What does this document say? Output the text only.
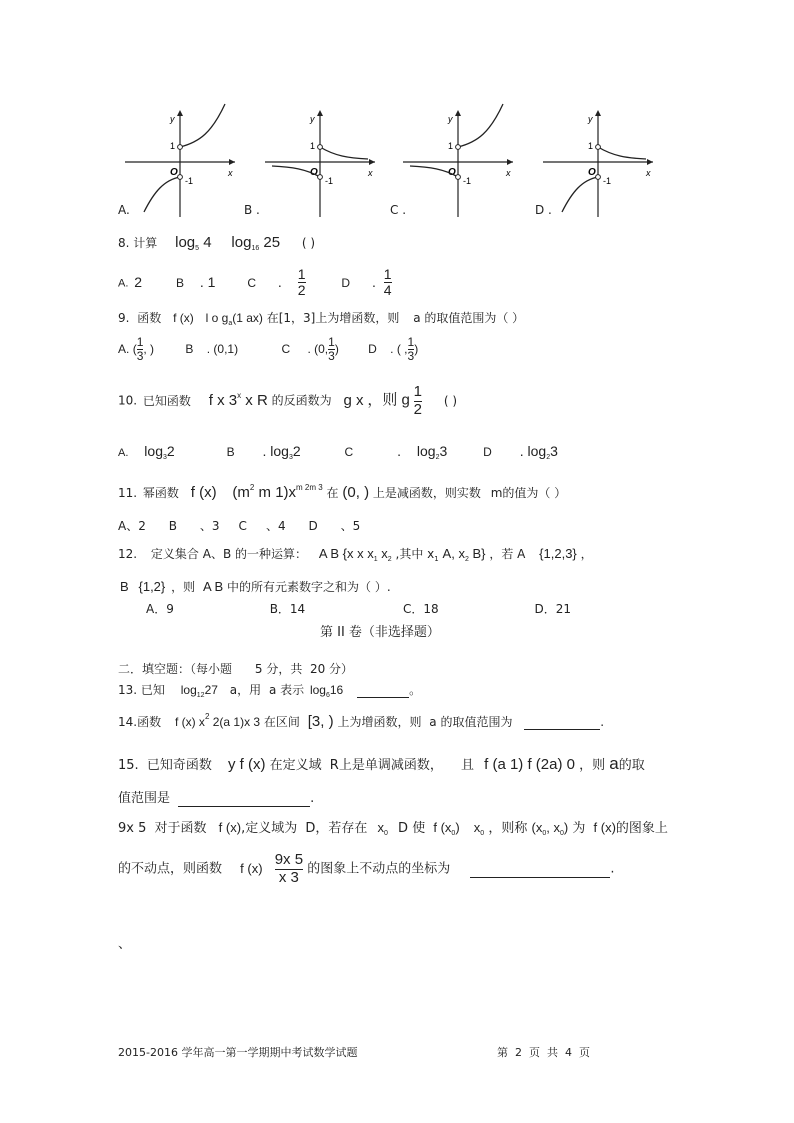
x
y
O
1
-1
x
y
O
1
-1
x
y
O
1
-1
x
y
O
1
-1
A.	B .	C .	D .
8. 计算 $\log_5 4$ $\log_{16} 25$ ( )
A. 2	B . 1	C . $\frac{1}{2}$	D . $\frac{1}{4}$
9. 函数 f (x) l o $g_a(1$ ax) 在[1，3]上为增函数，则 a 的取值范围为（ ）
A. ( $\frac{1}{3}$ , )	B . (0,1)	C . (0, $\frac{1}{3}$ ) D . ( , $\frac{1}{3}$ )
10. 已知函数 f x 3$^x$ x R 的反函数为 g x ，则 g $\frac{1}{2}$ ( )
A. $\log_32$	B . $\log_32$	C	. $\log_23$	D . $\log_23$
11. 幂函数 f (x) ($m^2$ m $1)x^{m 2m 3}$ 在 (0, ) 上是减函数，则实数 m的值为（ ）
A、2      B      、3     C     、4      D      、5
12. 定义集合 A、B 的一种运算： A B {x x $x_1$ $x_2$ ,其中 $x_1$ A, $x_2$ B} ，若 A {1,2,3} ，
B {1,2} ，则 A B 中的所有元素数字之和为（ ）.
A．9	B．14	C．18	D．21
第 II 卷（非选择题）
二．填空题：（每小题      5 分，共  20 分）
13. 已知 $\log_{12}27$ a，用 a 表示 $\log_616$	。
14.函数 f (x) $x^2$ 2(a 1)x 3 在区间 [3, ) 上为增函数，则 a 的取值范围为	.
15. 已知奇函数 y f (x) 在定义域 R上是单调减函数， 且 f (a 1) f (2a) 0 ，则 a的取
值范围是	.
9x 5 对于函数 f (x),定义域为 D，若存在 $x_0$ D 使 f $(x_0)$ $x_0$ ，则称 ($x_0$, $x_0$) 为 f (x)的图象上
的不动点，则函数 f $(x) \frac{9x 5}{x 3}$ 的图象上不动点的坐标为	.
、
2015-2016 学年高一第一学期期中考试数学试题	第  2  页  共  4  页
